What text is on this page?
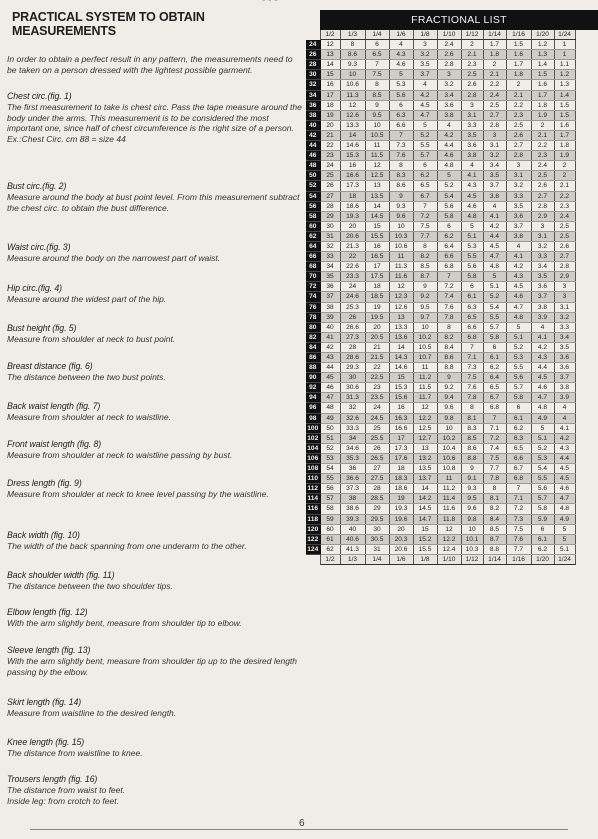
- - -
PRACTICAL SYSTEM TO OBTAIN MEASUREMENTS
In order to obtain a perfect result in any pattern, the measurements need to be taken on a person dressed with the lightest possible garment.
Chest circ.(fig. 1)
The first measurement to take is chest circ. Pass the tape measure around the body under the arms. This measurement is to be considered the most important one, since half of chest circumference is the right size of a person.
Ex.:Chest Circ. cm 88 = size 44
Bust circ.(fig. 2)
Measure around the body at bust point level. From this measurement subtract the chest circ. to obtain the bust difference.
Waist circ.(fig. 3)
Measure around the body on the narrowest part of waist.
Hip circ.(fig. 4)
Measure around the widest part of the hip.
Bust height (fig. 5)
Measure from shoulder at neck to bust point.
Breast distance (fig. 6)
The distance between the two bust points.
Back waist length (fig. 7)
Measure from shoulder at neck to waistline.
Front waist length (fig. 8)
Measure from shoulder at neck to waistline passing by bust.
Dress length (fig. 9)
Measure from shoulder at neck to knee level passing by the waistline.
Back width (fig. 10)
The width of the back spanning from one underarm to the other.
Back shoulder width (fig. 11)
The distance between the two shoulder tips.
Elbow length (fig. 12)
With the arm slightly bent, measure from shoulder tip to elbow.
Sleeve length (fig. 13)
With the arm slightly bent, measure from shoulder tip up to the desired length passing by the elbow.
Skirt length (fig. 14)
Measure from waistline to the desired length.
Knee length (fig. 15)
The distance from waistline to knee.
Trousers length (fig. 16)
The distance from waist to feet.
Inside leg: from crotch to feet.
FRACTIONAL LIST
	1/2	1/3	1/4	1/6	1/8	1/10	1/12	1/14	1/16	1/20	1/24
24	12	8	6	4	3	2.4	2	1.7	1.5	1.2	1
26	13	8.6	6.5	4.3	3.2	2.6	2.1	1.8	1.6	1.3	1
28	14	9.3	7	4.6	3.5	2.8	2.3	2	1.7	1.4	1.1
30	15	10	7.5	5	3.7	3	2.5	2.1	1.8	1.5	1.2
32	16	10.6	8	5.3	4	3.2	2.6	2.2	2	1.6	1.3
34	17	11.3	8.5	5.6	4.2	3.4	2.8	2.4	2.1	1.7	1.4
36	18	12	9	6	4.5	3.6	3	2.5	2.2	1.8	1.5
38	19	12.6	9.5	6.3	4.7	3.8	3.1	2.7	2.3	1.9	1.5
40	20	13.3	10	6.6	5	4	3.3	2.8	2.5	2	1.6
42	21	14	10.5	7	5.2	4.2	3.5	3	2.6	2.1	1.7
44	22	14.6	11	7.3	5.5	4.4	3.6	3.1	2.7	2.2	1.8
46	23	15.3	11.5	7.6	5.7	4.6	3.8	3.2	2.8	2.3	1.9
48	24	16	12	8	6	4.8	4	3.4	3	2.4	2
50	25	16.6	12.5	8.3	6.2	5	4.1	3.5	3.1	2.5	2
52	26	17.3	13	8.6	6.5	5.2	4.3	3.7	3.2	2.6	2.1
54	27	18	13.5	9	6.7	5.4	4.5	3.8	3.3	2.7	2.2
56	28	18.6	14	9.3	7	5.6	4.6	4	3.5	2.8	2.3
58	29	19.3	14.5	9.6	7.2	5.8	4.8	4.1	3.6	2.9	2.4
60	30	20	15	10	7.5	6	5	4.2	3.7	3	2.5
62	31	20.6	15.5	10.3	7.7	6.2	5.1	4.4	3.8	3.1	2.5
64	32	21.3	16	10.6	8	6.4	5.3	4.5	4	3.2	2.6
66	33	22	16.5	11	8.2	6.6	5.5	4.7	4.1	3.3	2.7
68	34	22.6	17	11.3	8.5	6.8	5.6	4.8	4.2	3.4	2.8
70	35	23.3	17.5	11.6	8.7	7	5.8	5	4.3	3.5	2.9
72	36	24	18	12	9	7.2	6	5.1	4.5	3.6	3
74	37	24.6	18.5	12.3	9.2	7.4	6.1	5.2	4.6	3.7	3
76	38	25.3	19	12.6	9.5	7.6	6.3	5.4	4.7	3.8	3.1
78	39	26	19.5	13	9.7	7.8	6.5	5.5	4.8	3.9	3.2
80	40	26.6	20	13.3	10	8	6.6	5.7	5	4	3.3
82	41	27.3	20.5	13.6	10.2	8.2	6.8	5.8	5.1	4.1	3.4
84	42	28	21	14	10.5	8.4	7	6	5.2	4.2	3.5
86	43	28.6	21.5	14.3	10.7	8.6	7.1	6.1	5.3	4.3	3.6
88	44	29.3	22	14.6	11	8.8	7.3	6.2	5.5	4.4	3.6
90	45	30	22.5	15	11.2	9	7.5	6.4	5.6	4.5	3.7
92	46	30.6	23	15.3	11.5	9.2	7.6	6.5	5.7	4.6	3.8
94	47	31.3	23.5	15.6	11.7	9.4	7.8	6.7	5.8	4.7	3.9
96	48	32	24	16	12	9.6	8	6.8	6	4.8	4
98	49	32.6	24.5	16.3	12.2	9.8	8.1	7	6.1	4.9	4
100	50	33.3	25	16.6	12.5	10	8.3	7.1	6.2	5	4.1
102	51	34	25.5	17	12.7	10.2	8.5	7.2	6.3	5.1	4.2
104	52	34.6	26	17.3	13	10.4	8.6	7.4	6.5	5.2	4.3
106	53	35.3	26.5	17.6	13.2	10.6	8.8	7.5	6.6	5.3	4.4
108	54	36	27	18	13.5	10.8	9	7.7	6.7	5.4	4.5
110	55	36.6	27.5	18.3	13.7	11	9.1	7.8	6.8	5.5	4.5
112	56	37.3	28	18.6	14	11.2	9.3	8	7	5.6	4.6
114	57	38	28.5	19	14.2	11.4	9.5	8.1	7.1	5.7	4.7
116	58	38.6	29	19.3	14.5	11.6	9.6	8.2	7.2	5.8	4.8
118	59	39.3	29.5	19.6	14.7	11.8	9.8	8.4	7.3	5.9	4.9
120	60	40	30	20	15	12	10	8.5	7.5	6	5
122	61	40.6	30.5	20.3	15.2	12.2	10.1	8.7	7.6	6.1	5
124	62	41.3	31	20.6	15.5	12.4	10.3	8.8	7.7	6.2	5.1
	1/2	1/3	1/4	1/6	1/8	1/10	1/12	1/14	1/16	1/20	1/24
6
